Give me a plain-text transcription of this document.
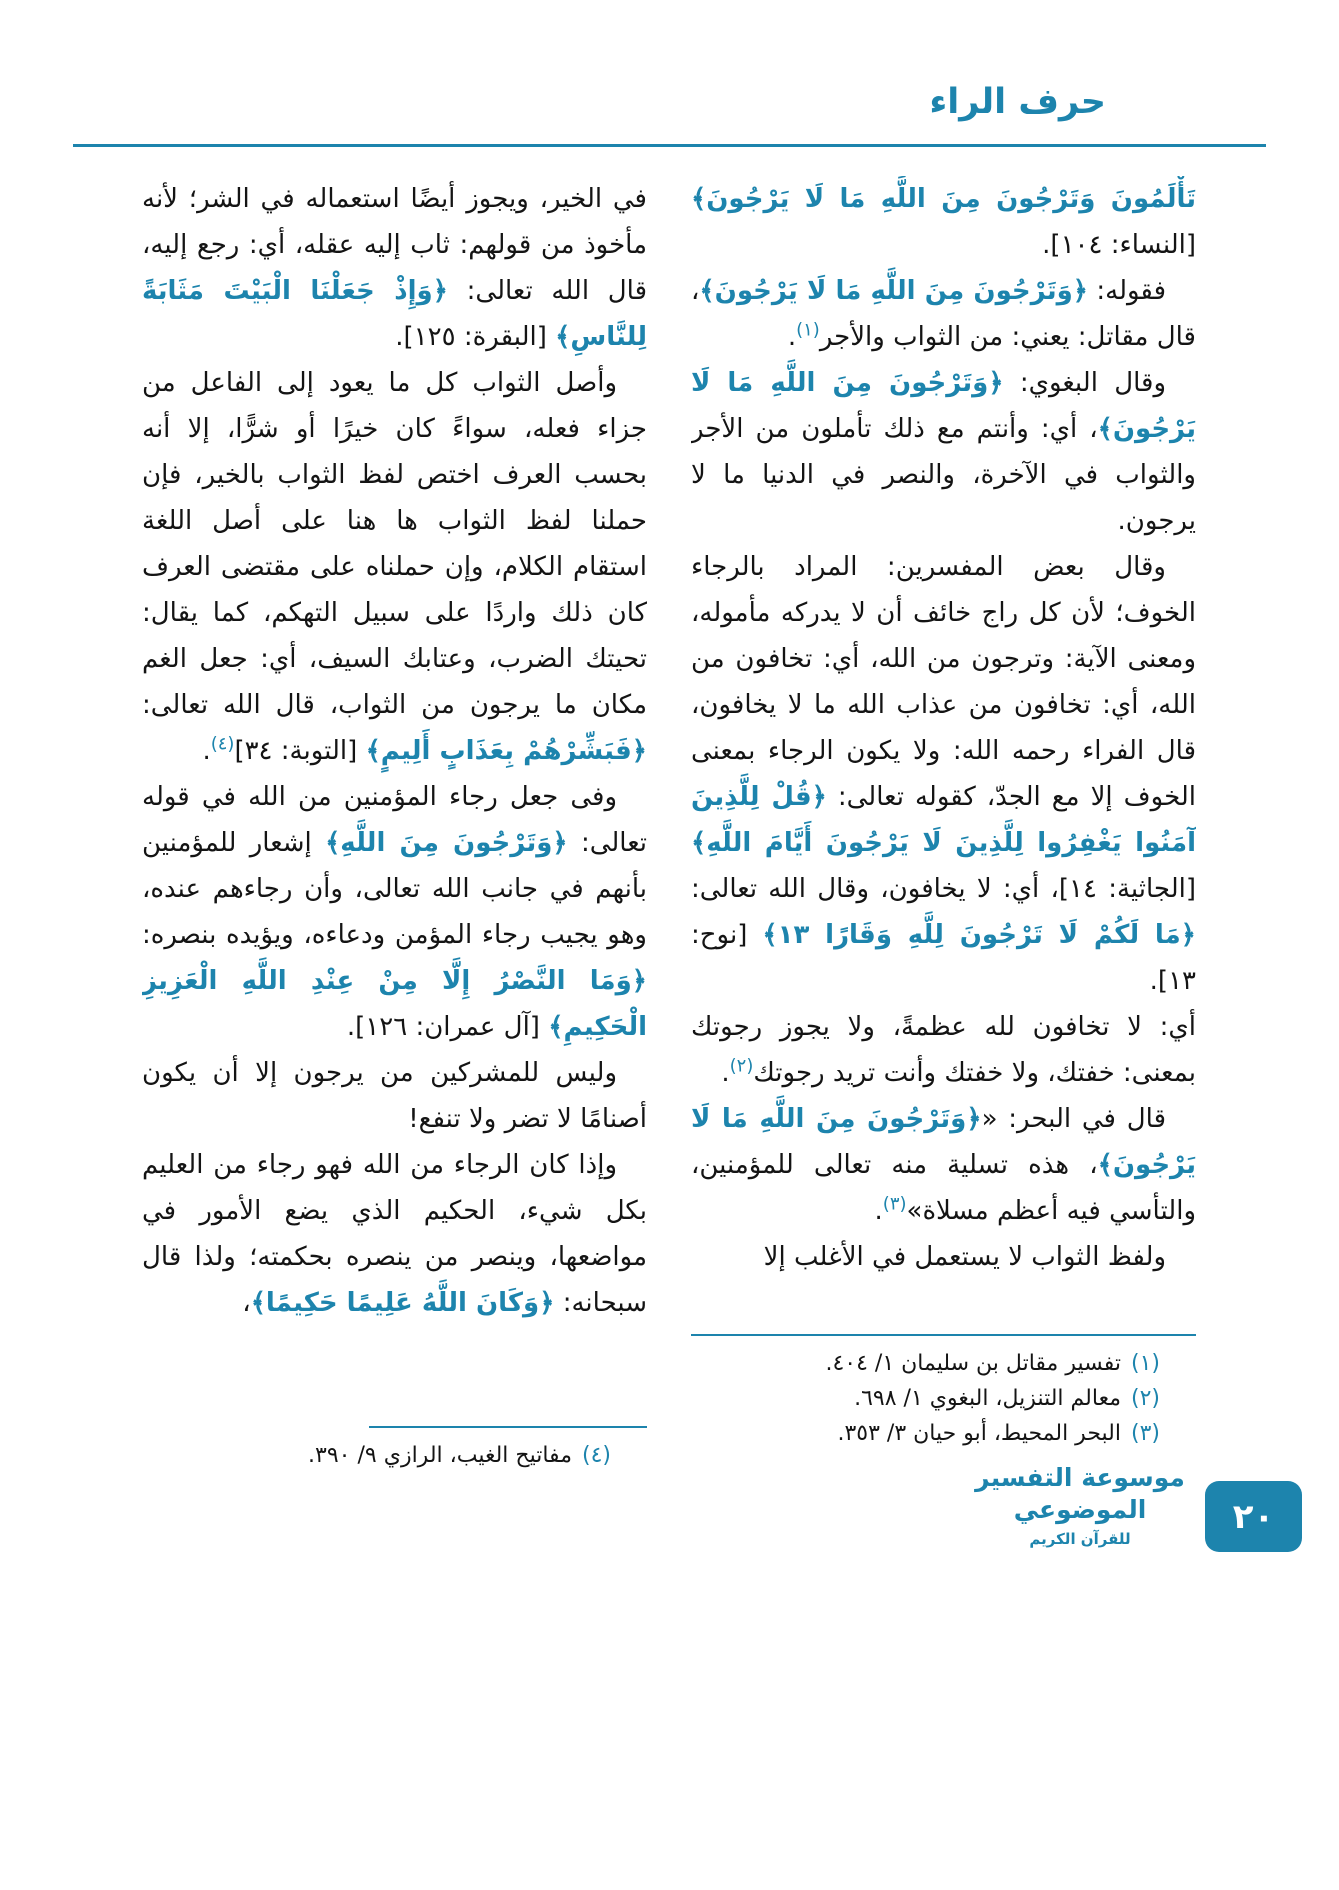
حرف الراء

تَأْلَمُونَ وَتَرْجُونَ مِنَ اللَّهِ مَا لَا يَرْجُونَ﴾ [النساء: ١٠٤].

فقوله: ﴿وَتَرْجُونَ مِنَ اللَّهِ مَا لَا يَرْجُونَ﴾، قال مقاتل: يعني: من الثواب والأجر$^{(١)}$.

وقال البغوي: ﴿وَتَرْجُونَ مِنَ اللَّهِ مَا لَا يَرْجُونَ﴾، أي: وأنتم مع ذلك تأملون من الأجر والثواب في الآخرة، والنصر في الدنيا ما لا يرجون.

وقال بعض المفسرين: المراد بالرجاء الخوف؛ لأن كل راج خائف أن لا يدركه مأموله، ومعنى الآية: وترجون من الله، أي: تخافون من الله، أي: تخافون من عذاب الله ما لا يخافون، قال الفراء رحمه الله: ولا يكون الرجاء بمعنى الخوف إلا مع الجدّ، كقوله تعالى: ﴿قُلْ لِلَّذِينَ آمَنُوا يَغْفِرُوا لِلَّذِينَ لَا يَرْجُونَ أَيَّامَ اللَّهِ﴾ [الجاثية: ١٤]، أي: لا يخافون، وقال الله تعالى: ﴿مَا لَكُمْ لَا تَرْجُونَ لِلَّهِ وَقَارًا ١٣﴾ [نوح: ١٣].

أي: لا تخافون لله عظمةً، ولا يجوز رجوتك بمعنى: خفتك، ولا خفتك وأنت تريد رجوتك$^{(٢)}$.

قال في البحر: «﴿وَتَرْجُونَ مِنَ اللَّهِ مَا لَا يَرْجُونَ﴾، هذه تسلية منه تعالى للمؤمنين، والتأسي فيه أعظم مسلاة»$^{(٣)}$.

ولفظ الثواب لا يستعمل في الأغلب إلا

(١)تفسير مقاتل بن سليمان ١/ ٤٠٤.
(٢)معالم التنزيل، البغوي ١/ ٦٩٨.
(٣)البحر المحيط، أبو حيان ٣/ ٣٥٣.

في الخير، ويجوز أيضًا استعماله في الشر؛ لأنه مأخوذ من قولهم: ثاب إليه عقله، أي: رجع إليه، قال الله تعالى: ﴿وَإِذْ جَعَلْنَا الْبَيْتَ مَثَابَةً لِلنَّاسِ﴾ [البقرة: ١٢٥].

وأصل الثواب كل ما يعود إلى الفاعل من جزاء فعله، سواءً كان خيرًا أو شرًّا، إلا أنه بحسب العرف اختص لفظ الثواب بالخير، فإن حملنا لفظ الثواب ها هنا على أصل اللغة استقام الكلام، وإن حملناه على مقتضى العرف كان ذلك واردًا على سبيل التهكم، كما يقال: تحيتك الضرب، وعتابك السيف، أي: جعل الغم مكان ما يرجون من الثواب، قال الله تعالى: ﴿فَبَشِّرْهُمْ بِعَذَابٍ أَلِيمٍ﴾ [التوبة: ٣٤]$^{(٤)}$.

وفى جعل رجاء المؤمنين من الله في قوله تعالى: ﴿وَتَرْجُونَ مِنَ اللَّهِ﴾ إشعار للمؤمنين بأنهم في جانب الله تعالى، وأن رجاءهم عنده، وهو يجيب رجاء المؤمن ودعاءه، ويؤيده بنصره: ﴿وَمَا النَّصْرُ إِلَّا مِنْ عِنْدِ اللَّهِ الْعَزِيزِ الْحَكِيمِ﴾ [آل عمران: ١٢٦].

وليس للمشركين من يرجون إلا أن يكون أصنامًا لا تضر ولا تنفع!

وإذا كان الرجاء من الله فهو رجاء من العليم بكل شيء، الحكيم الذي يضع الأمور في مواضعها، وينصر من ينصره بحكمته؛ ولذا قال سبحانه: ﴿وَكَانَ اللَّهُ عَلِيمًا حَكِيمًا﴾،

(٤)مفاتيح الغيب، الرازي ٩/ ٣٩٠.
موسوعة التفسير الموضوعي
للقرآن الكريم
٢٠
